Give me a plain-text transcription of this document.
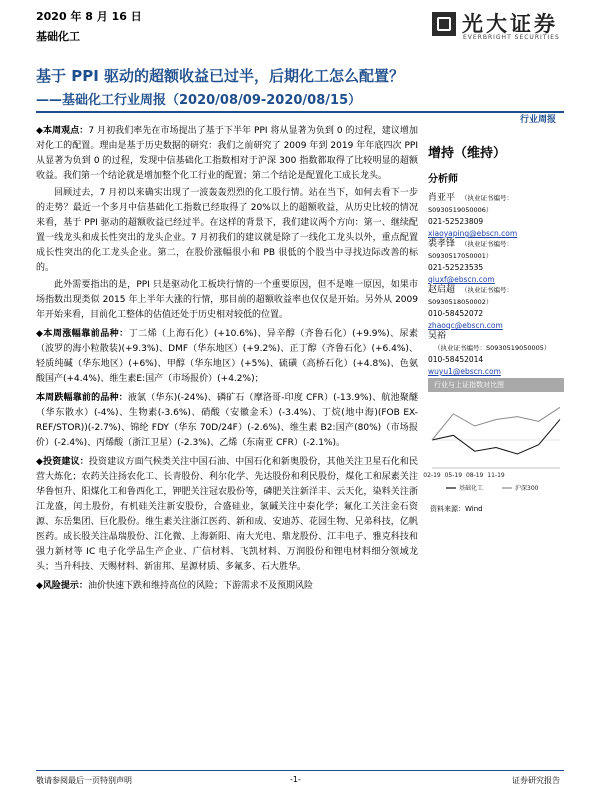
2020 年 8 月 16 日
基础化工
光大证券
EVERBRIGHT SECURITIES
基于 PPI 驱动的超额收益已过半，后期化工怎么配置？
——基础化工行业周报（2020/08/09-2020/08/15）
行业周报

◆本周观点：7 月初我们率先在市场提出了基于下半年 PPI 将从显著为负到 0 的过程，建议增加对化工的配置。理由是基于历史数据的研究：我们之前研究了 2009 年到 2019 年年底四次 PPI 从显著为负到 0 的过程，发现中信基础化工指数相对于沪深 300 指数都取得了比较明显的超额收益。我们第一个结论就是增加整个化工行业的配置；第二个结论是配置化工成长龙头。

回顾过去，7 月初以来确实出现了一波轰轰烈烈的化工股行情。站在当下，如何去看下一步的走势？最近一个多月中信基础化工指数已经取得了 20%以上的超额收益，从历史比较的情况来看，基于 PPI 驱动的超额收益已经过半。在这样的背景下，我们建议两个方向：第一、继续配置一线龙头和成长性突出的龙头企业。7 月初我们的建议就是除了一线化工龙头以外，重点配置成长性突出的化工龙头企业。第二，在股价涨幅很小和 PB 很低的个股当中寻找边际改善的标的。

此外需要指出的是，PPI 只是驱动化工板块行情的一个重要原因，但不是唯一原因，如果市场指数出现类似 2015 年上半年大涨的行情，那目前的超额收益率也仅仅是开始。另外从 2009 年开始来看，目前化工整体的估值还处于历史相对较低的位置。

◆本周涨幅靠前品种：丁二烯（上海石化）(+10.6%)、异辛醇（齐鲁石化）(+9.9%)、尿素（波罗的海小粒散装)(+9.3%)、DMF（华东地区）(+9.2%)、正丁醇（齐鲁石化）(+6.4%)、轻质纯碱（华东地区）(+6%)、甲醇（华东地区）(+5%)、硫磺（高桥石化）(+4.8%)、色氨酸国产(+4.4%)、维生素E:国产（市场报价）(+4.2%)；

本周跌幅靠前的品种：液氯（华东)(-24%)、磷矿石（摩洛哥-印度 CFR）(-13.9%)、航池聚醚（华东散水）(-4%)、生物素(-3.6%)、硝酸（安徽金禾）(-3.4%)、丁烷(地中海)(FOB EX-REF/STOR))(-2.7%)、锦纶 FDY（华东 70D/24F）(-2.6%)、维生素 B2:国产(80%)（市场报价）(-2.4%)、丙烯酸（浙江卫星）(-2.3%)、乙烯（东南亚 CFR）(-2.1%)。

◆投资建议：投资建议方面气候类关注中国石油、中国石化和新奥股份，其他关注卫星石化和民营大炼化；农药关注扬农化工、长青股份、利尔化学、先达股份和利民股份，煤化工和尿素关注华鲁恒升、阳煤化工和鲁西化工，钾肥关注冠农股份等，磷肥关注新洋丰、云天化，染料关注浙江龙盛，闰土股份，有机硅关注新安股份，合盛硅业，氯碱关注中泰化学；氟化工关注金石资源、东岳集团、巨化股份。维生素关注浙江医药、新和成、安迪苏、花园生物、兄弟科技，亿帆医药。成长股关注晶瑞股份、江化微、上海新阳、南大光电、鼎龙股份、江丰电子、雅克科技和强力新材等 IC 电子化学品生产企业、广信材料、飞凯材料、万润股份和锂电材料细分领域龙头；当升科技、天赐材料、新宙邦、星源材质、多氟多、石大胜华。

◆风险提示：油价快速下跌和维持高位的风险；下游需求不及预期风险

增持（维持）
分析师
肖亚平 （执业证书编号：S0930519050006）
021-52523809
xiaoyaping@ebscn.com
裘孝锋 （执业证书编号：S0930517050001）
021-52523535
qiuxf@ebscn.com
赵启超 （执业证书编号：S0930518050002）
010-58452072
zhaoqc@ebscn.com
吴裕（执业证书编号：S0930519050005）
010-58452014
wuyu1@ebscn.com
行业与上证指数对比图
02-19 05-19 08-19 11-19
基础化工	沪深300
资料来源：Wind
敬请参阅最后一页特别声明	-1-	证券研究报告
